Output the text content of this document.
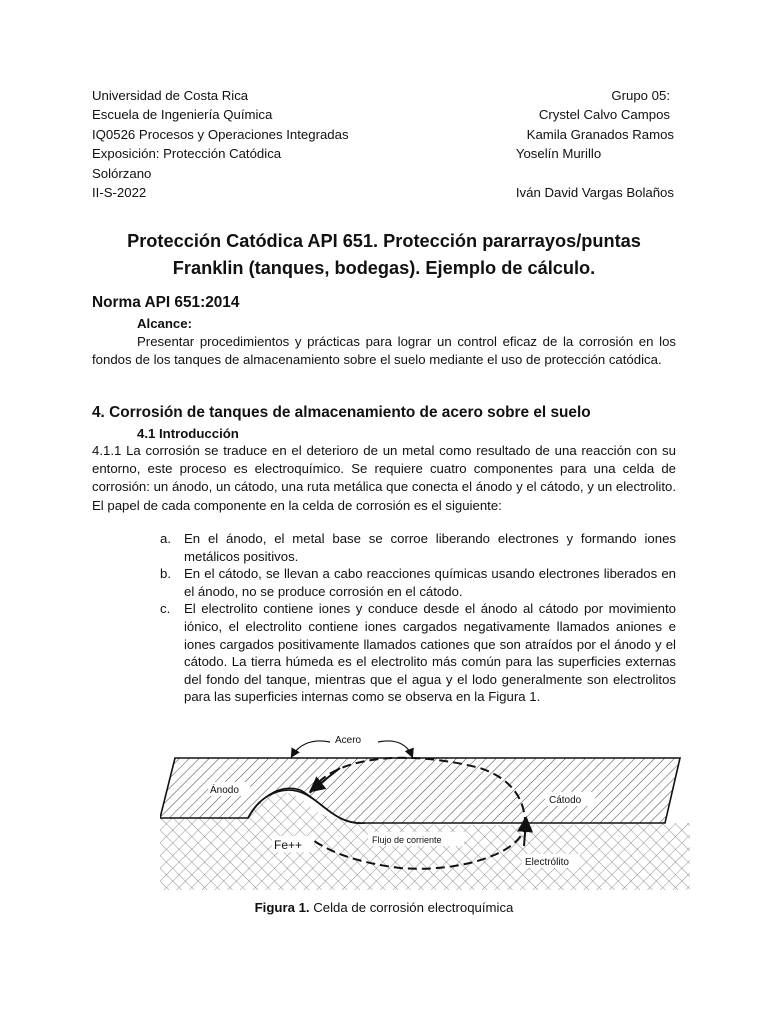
Universidad de Costa Rica
Escuela de Ingeniería Química
IQ0526 Procesos y Operaciones Integradas
Exposición: Protección Catódica
Solórzano
II-S-2022
Grupo 05:
Crystel Calvo Campos
Kamila Granados Ramos
Yoselín Murillo
Iván David Vargas Bolaños
Protección Catódica API 651. Protección pararrayos/puntas Franklin (tanques, bodegas). Ejemplo de cálculo.
Norma API 651:2014
Alcance:
Presentar procedimientos y prácticas para lograr un control eficaz de la corrosión en los fondos de los tanques de almacenamiento sobre el suelo mediante el uso de protección catódica.
4. Corrosión de tanques de almacenamiento de acero sobre el suelo
4.1 Introducción
4.1.1 La corrosión se traduce en el deterioro de un metal como resultado de una reacción con su entorno, este proceso es electroquímico. Se requiere cuatro componentes para una celda de corrosión: un ánodo, un cátodo, una ruta metálica que conecta el ánodo y el cátodo, y un electrolito. El papel de cada componente en la celda de corrosión es el siguiente:
a. En el ánodo, el metal base se corroe liberando electrones y formando iones metálicos positivos.
b. En el cátodo, se llevan a cabo reacciones químicas usando electrones liberados en el ánodo, no se produce corrosión en el cátodo.
c. El electrolito contiene iones y conduce desde el ánodo al cátodo por movimiento iónico, el electrolito contiene iones cargados negativamente llamados aniones e iones cargados positivamente llamados cationes que son atraídos por el ánodo y el cátodo. La tierra húmeda es el electrolito más común para las superficies externas del fondo del tanque, mientras que el agua y el lodo generalmente son electrolitos para las superficies internas como se observa en la Figura 1.
Acero
Ánodo
Cátodo
Fe++	Flujo de corriente
Electrólito
Figura 1. Celda de corrosión electroquímica
